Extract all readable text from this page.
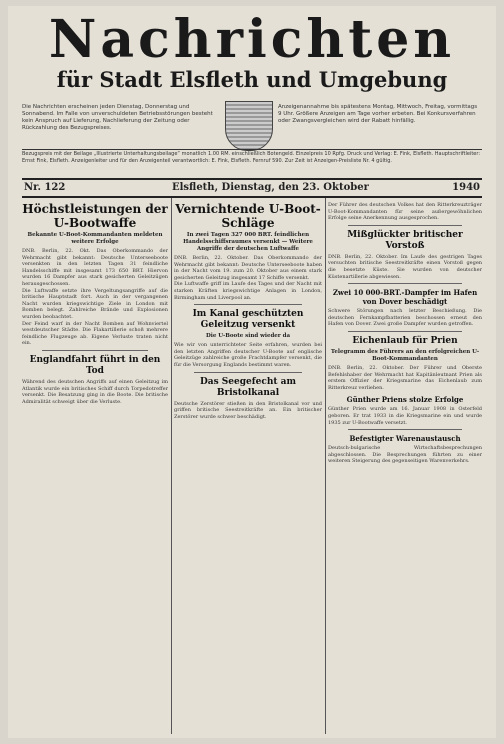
Nachrichten
für Stadt Elsfleth und Umgebung
Die Nachrichten erscheinen jeden Dienstag, Donnerstag und Sonnabend. Im Falle von unverschuldeten Betriebsstörungen besteht kein Anspruch auf Lieferung, Nachlieferung der Zeitung oder Rückzahlung des Bezugspreises.
Anzeigenannahme bis spätestens Montag, Mittwoch, Freitag, vormittags 9 Uhr. Größere Anzeigen am Tage vorher erbeten. Bei Konkursverfahren oder Zwangsvergleichen wird der Rabatt hinfällig.
Bezugspreis mit der Beilage „Illustrierte Unterhaltungsbeilage“ monatlich 1.00 RM. einschließlich Botengeld. Einzelpreis 10 Rpfg. Druck und Verlag: E. Fink, Elsfleth. Hauptschriftleiter: Ernst Fink, Elsfleth. Anzeigenleiter und für den Anzeigenteil verantwortlich: E. Fink, Elsfleth. Fernruf 590. Zur Zeit ist Anzeigen-Preisliste Nr. 4 gültig.
Nr. 122	Elsfleth, Dienstag, den 23. Oktober	1940
Höchstleistungen der U-Bootwaffe
Bekannte U-Boot-Kommandanten meldeten weitere Erfolge

DNB. Berlin, 22. Okt. Das Oberkommando der Wehrmacht gibt bekannt: Deutsche Unterseeboote versenkten in den letzten Tagen 31 feindliche Handelsschiffe mit insgesamt 173 650 BRT. Hiervon wurden 16 Dampfer aus stark gesicherten Geleitzügen herausgeschossen.

Die Luftwaffe setzte ihre Vergeltungsangriffe auf die britische Hauptstadt fort. Auch in der vergangenen Nacht wurden kriegswichtige Ziele in London mit Bomben belegt. Zahlreiche Brände und Explosionen wurden beobachtet.

Der Feind warf in der Nacht Bomben auf Wohnviertel westdeutscher Städte. Die Flakartillerie schoß mehrere feindliche Flugzeuge ab. Eigene Verluste traten nicht ein.

Englandfahrt führt in den Tod

Während des deutschen Angriffs auf einen Geleitzug im Atlantik wurde ein britisches Schiff durch Torpedotreffer versenkt. Die Besatzung ging in die Boote. Die britische Admiralität schweigt über die Verluste.

Vernichtende U-Boot-Schläge
In zwei Tagen 327 000 BRT. feindlichen Handelsschiffsraumes versenkt — Weitere Angriffe der deutschen Luftwaffe

DNB. Berlin, 22. Oktober. Das Oberkommando der Wehrmacht gibt bekannt: Deutsche Unterseeboote haben in der Nacht vom 19. zum 20. Oktober aus einem stark gesicherten Geleitzug insgesamt 17 Schiffe versenkt.

Die Luftwaffe griff im Laufe des Tages und der Nacht mit starken Kräften kriegswichtige Anlagen in London, Birmingham und Liverpool an.

Im Kanal geschützten Geleitzug versenkt
Die U-Boote sind wieder da

Wie wir von unterrichteter Seite erfahren, wurden bei den letzten Angriffen deutscher U-Boote auf englische Geleitzüge zahlreiche große Frachtdampfer versenkt, die für die Versorgung Englands bestimmt waren.

Das Seegefecht am Bristolkanal

Deutsche Zerstörer stießen in den Bristolkanal vor und griffen britische Seestreitkräfte an. Ein britischer Zerstörer wurde schwer beschädigt.

Der Führer des deutschen Volkes hat den Ritterkreuzträger U-Boot-Kommandanten für seine außergewöhnlichen Erfolge seine Anerkennung ausgesprochen.

Mißglückter britischer Vorstoß

DNB. Berlin, 22. Oktober. Im Laufe des gestrigen Tages versuchten britische Seestreitkräfte einen Vorstoß gegen die besetzte Küste. Sie wurden von deutscher Küstenartillerie abgewiesen.

Zwei 10 000-BRT.-Dampfer im Hafen von Dover beschädigt

Schwere Störungen nach letzter Beschießung. Die deutschen Fernkampfbatterien beschossen erneut den Hafen von Dover. Zwei große Dampfer wurden getroffen.

Eichenlaub für Prien
Telegramm des Führers an den erfolgreichen U-Boot-Kommandanten

DNB. Berlin, 22. Oktober. Der Führer und Oberste Befehlshaber der Wehrmacht hat Kapitänleutnant Prien als erstem Offizier der Kriegsmarine das Eichenlaub zum Ritterkreuz verliehen.

Günther Priens stolze Erfolge

Günther Prien wurde am 16. Januar 1908 in Osterfeld geboren. Er trat 1933 in die Kriegsmarine ein und wurde 1935 zur U-Bootwaffe versetzt.

Befestigter Warenaustausch

Deutsch-bulgarische Wirtschaftsbesprechungen abgeschlossen. Die Besprechungen führten zu einer weiteren Steigerung des gegenseitigen Warenverkehrs.
